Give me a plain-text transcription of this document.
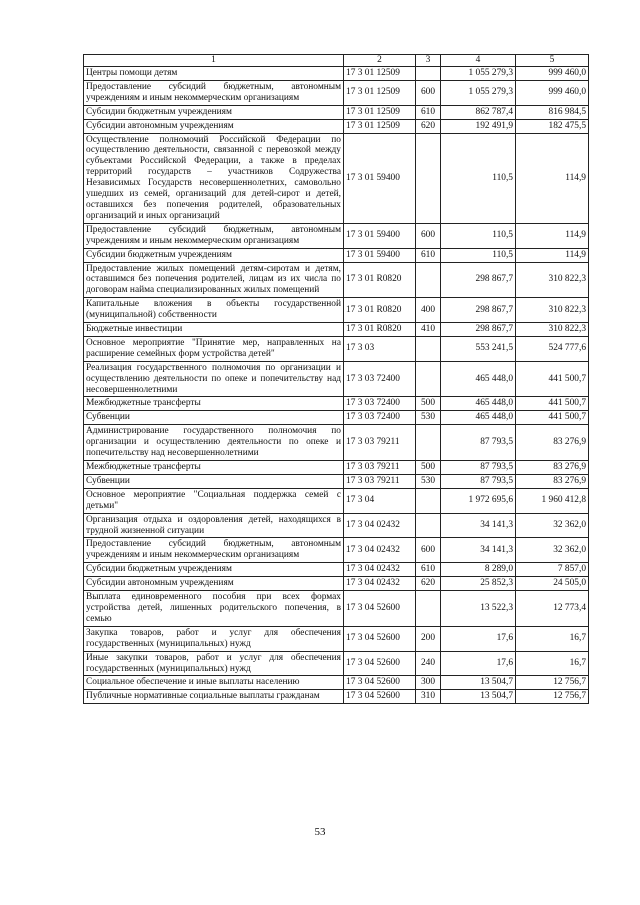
1	2	3	4	5
Центры помощи детям	17 3 01 12509		1 055 279,3	999 460,0
Предоставление субсидий бюджетным, автономным учреждениям и иным некоммерческим организациям	17 3 01 12509	600	1 055 279,3	999 460,0
Субсидии бюджетным учреждениям	17 3 01 12509	610	862 787,4	816 984,5
Субсидии автономным учреждениям	17 3 01 12509	620	192 491,9	182 475,5
Осуществление полномочий Российской Федерации по осуществлению деятельности, связанной с перевозкой между субъектами Российской Федерации, а также в пределах территорий государств – участников Содружества Независимых Государств несовершеннолетних, самовольно ушедших из семей, организаций для детей-сирот и детей, оставшихся без попечения родителей, образовательных организаций и иных организаций	17 3 01 59400		110,5	114,9
Предоставление субсидий бюджетным, автономным учреждениям и иным некоммерческим организациям	17 3 01 59400	600	110,5	114,9
Субсидии бюджетным учреждениям	17 3 01 59400	610	110,5	114,9
Предоставление жилых помещений детям-сиротам и детям, оставшимся без попечения родителей, лицам из их числа по договорам найма специализированных жилых помещений	17 3 01 R0820		298 867,7	310 822,3
Капитальные вложения в объекты государственной (муниципальной) собственности	17 3 01 R0820	400	298 867,7	310 822,3
Бюджетные инвестиции	17 3 01 R0820	410	298 867,7	310 822,3
Основное мероприятие "Принятие мер, направленных на расширение семейных форм устройства детей"	17 3 03		553 241,5	524 777,6
Реализация государственного полномочия по организации и осуществлению деятельности по опеке и попечительству над несовершеннолетними	17 3 03 72400		465 448,0	441 500,7
Межбюджетные трансферты	17 3 03 72400	500	465 448,0	441 500,7
Субвенции	17 3 03 72400	530	465 448,0	441 500,7
Администрирование государственного полномочия по организации и осуществлению деятельности по опеке и попечительству над несовершеннолетними	17 3 03 79211		87 793,5	83 276,9
Межбюджетные трансферты	17 3 03 79211	500	87 793,5	83 276,9
Субвенции	17 3 03 79211	530	87 793,5	83 276,9
Основное мероприятие "Социальная поддержка семей с детьми"	17 3 04		1 972 695,6	1 960 412,8
Организация отдыха и оздоровления детей, находящихся в трудной жизненной ситуации	17 3 04 02432		34 141,3	32 362,0
Предоставление субсидий бюджетным, автономным учреждениям и иным некоммерческим организациям	17 3 04 02432	600	34 141,3	32 362,0
Субсидии бюджетным учреждениям	17 3 04 02432	610	8 289,0	7 857,0
Субсидии автономным учреждениям	17 3 04 02432	620	25 852,3	24 505,0
Выплата единовременного пособия при всех формах устройства детей, лишенных родительского попечения, в семью	17 3 04 52600		13 522,3	12 773,4
Закупка товаров, работ и услуг для обеспечения государственных (муниципальных) нужд	17 3 04 52600	200	17,6	16,7
Иные закупки товаров, работ и услуг для обеспечения государственных (муниципальных) нужд	17 3 04 52600	240	17,6	16,7
Социальное обеспечение и иные выплаты населению	17 3 04 52600	300	13 504,7	12 756,7
Публичные нормативные социальные выплаты гражданам	17 3 04 52600	310	13 504,7	12 756,7
53
